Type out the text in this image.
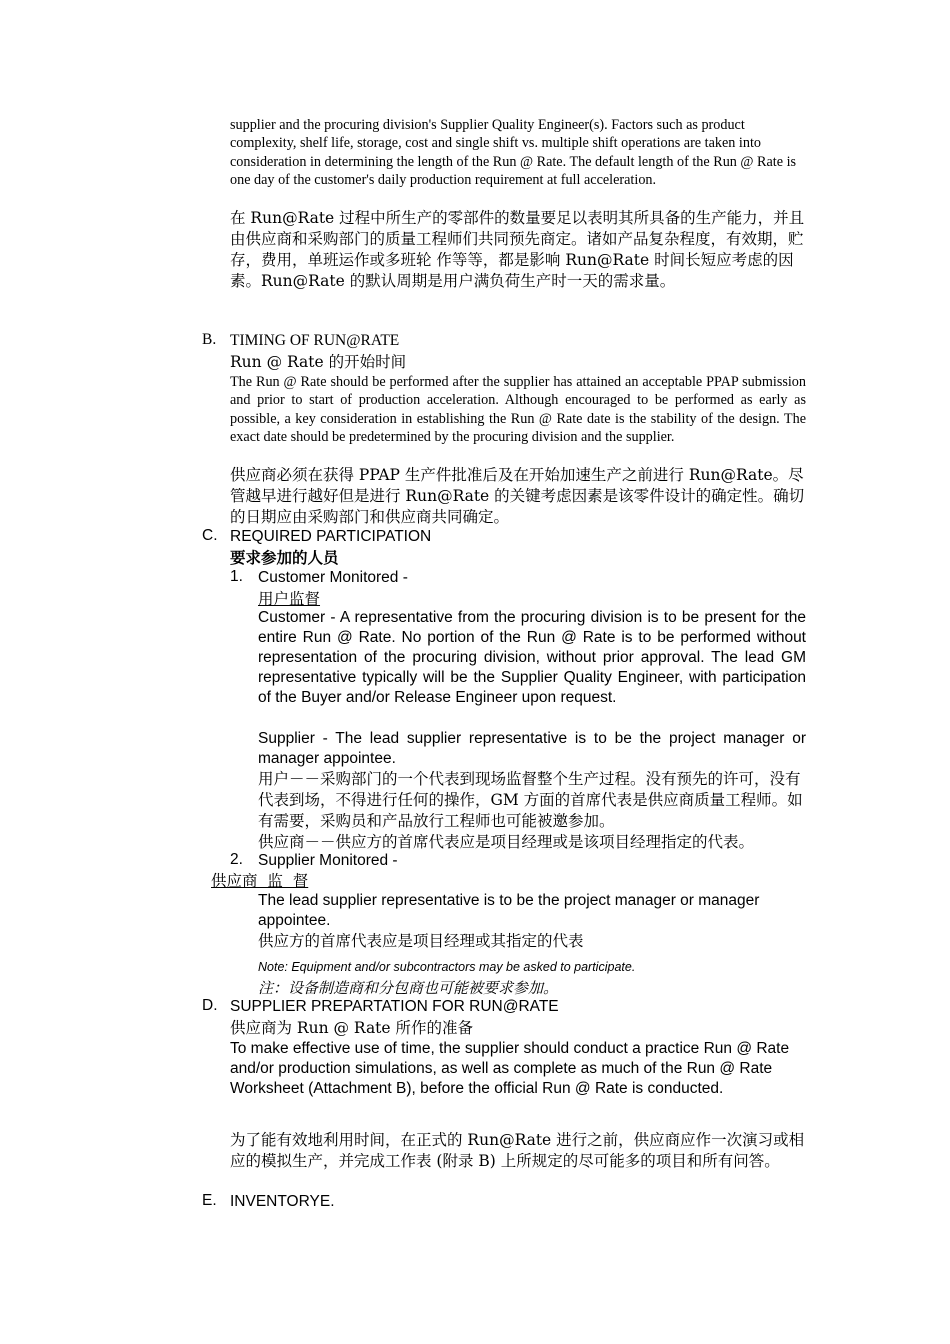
supplier and the procuring division's Supplier Quality Engineer(s). Factors such as product complexity, shelf life, storage, cost and single shift vs. multiple shift operations are taken into consideration in determining the length of the Run @ Rate. The default length of the Run @ Rate is one day of the customer's daily production requirement at full acceleration.

在 Run@Rate 过程中所生产的零部件的数量要足以表明其所具备的生产能力，并且由供应商和采购部门的质量工程师们共同预先商定。诸如产品复杂程度，有效期，贮存，费用，单班运作或多班轮 作等等，都是影响 Run@Rate 时间长短应考虑的因素。Run@Rate 的默认周期是用户满负荷生产时一天的需求量。

B. TIMING OF RUN@RATE

Run @ Rate 的开始时间

The Run @ Rate should be performed after the supplier has attained an acceptable PPAP submission and prior to start of production acceleration. Although encouraged to be performed as early as possible, a key consideration in establishing the Run @ Rate date is the stability of the design. The exact date should be predetermined by the procuring division and the supplier.

供应商必须在获得 PPAP 生产件批准后及在开始加速生产之前进行 Run@Rate。尽管越早进行越好但是进行 Run@Rate 的关键考虑因素是该零件设计的确定性。确切的日期应由采购部门和供应商共同确定。

C. REQUIRED PARTICIPATION

要求参加的人员

1. Customer Monitored -

用户监督

Customer - A representative from the procuring division is to be present for the entire Run @ Rate. No portion of the Run @ Rate is to be performed without representation of the procuring division, without prior approval. The lead GM representative typically will be the Supplier Quality Engineer, with participation of the Buyer and/or Release Engineer upon request.

Supplier - The lead supplier representative is to be the project manager or manager appointee.

用户－－采购部门的一个代表到现场监督整个生产过程。没有预先的许可，没有代表到场，不得进行任何的操作，GM 方面的首席代表是供应商质量工程师。如有需要，采购员和产品放行工程师也可能被邀参加。

供应商－－供应方的首席代表应是项目经理或是该项目经理指定的代表。

2. Supplier Monitored -

供应商  监  督

The lead supplier representative is to be the project manager or manager appointee.

供应方的首席代表应是项目经理或其指定的代表

Note: Equipment and/or subcontractors may be asked to participate.

注：设备制造商和分包商也可能被要求参加。

D. SUPPLIER PREPARTATION FOR RUN@RATE

供应商为 Run @ Rate 所作的准备

To make effective use of time, the supplier should conduct a practice Run @ Rate and/or production simulations, as well as complete as much of the Run @ Rate Worksheet (Attachment B), before the official Run @ Rate is conducted.

为了能有效地利用时间，在正式的 Run@Rate 进行之前，供应商应作一次演习或相应的模拟生产，并完成工作表 (附录 B) 上所规定的尽可能多的项目和所有问答。

E. INVENTORYE.
